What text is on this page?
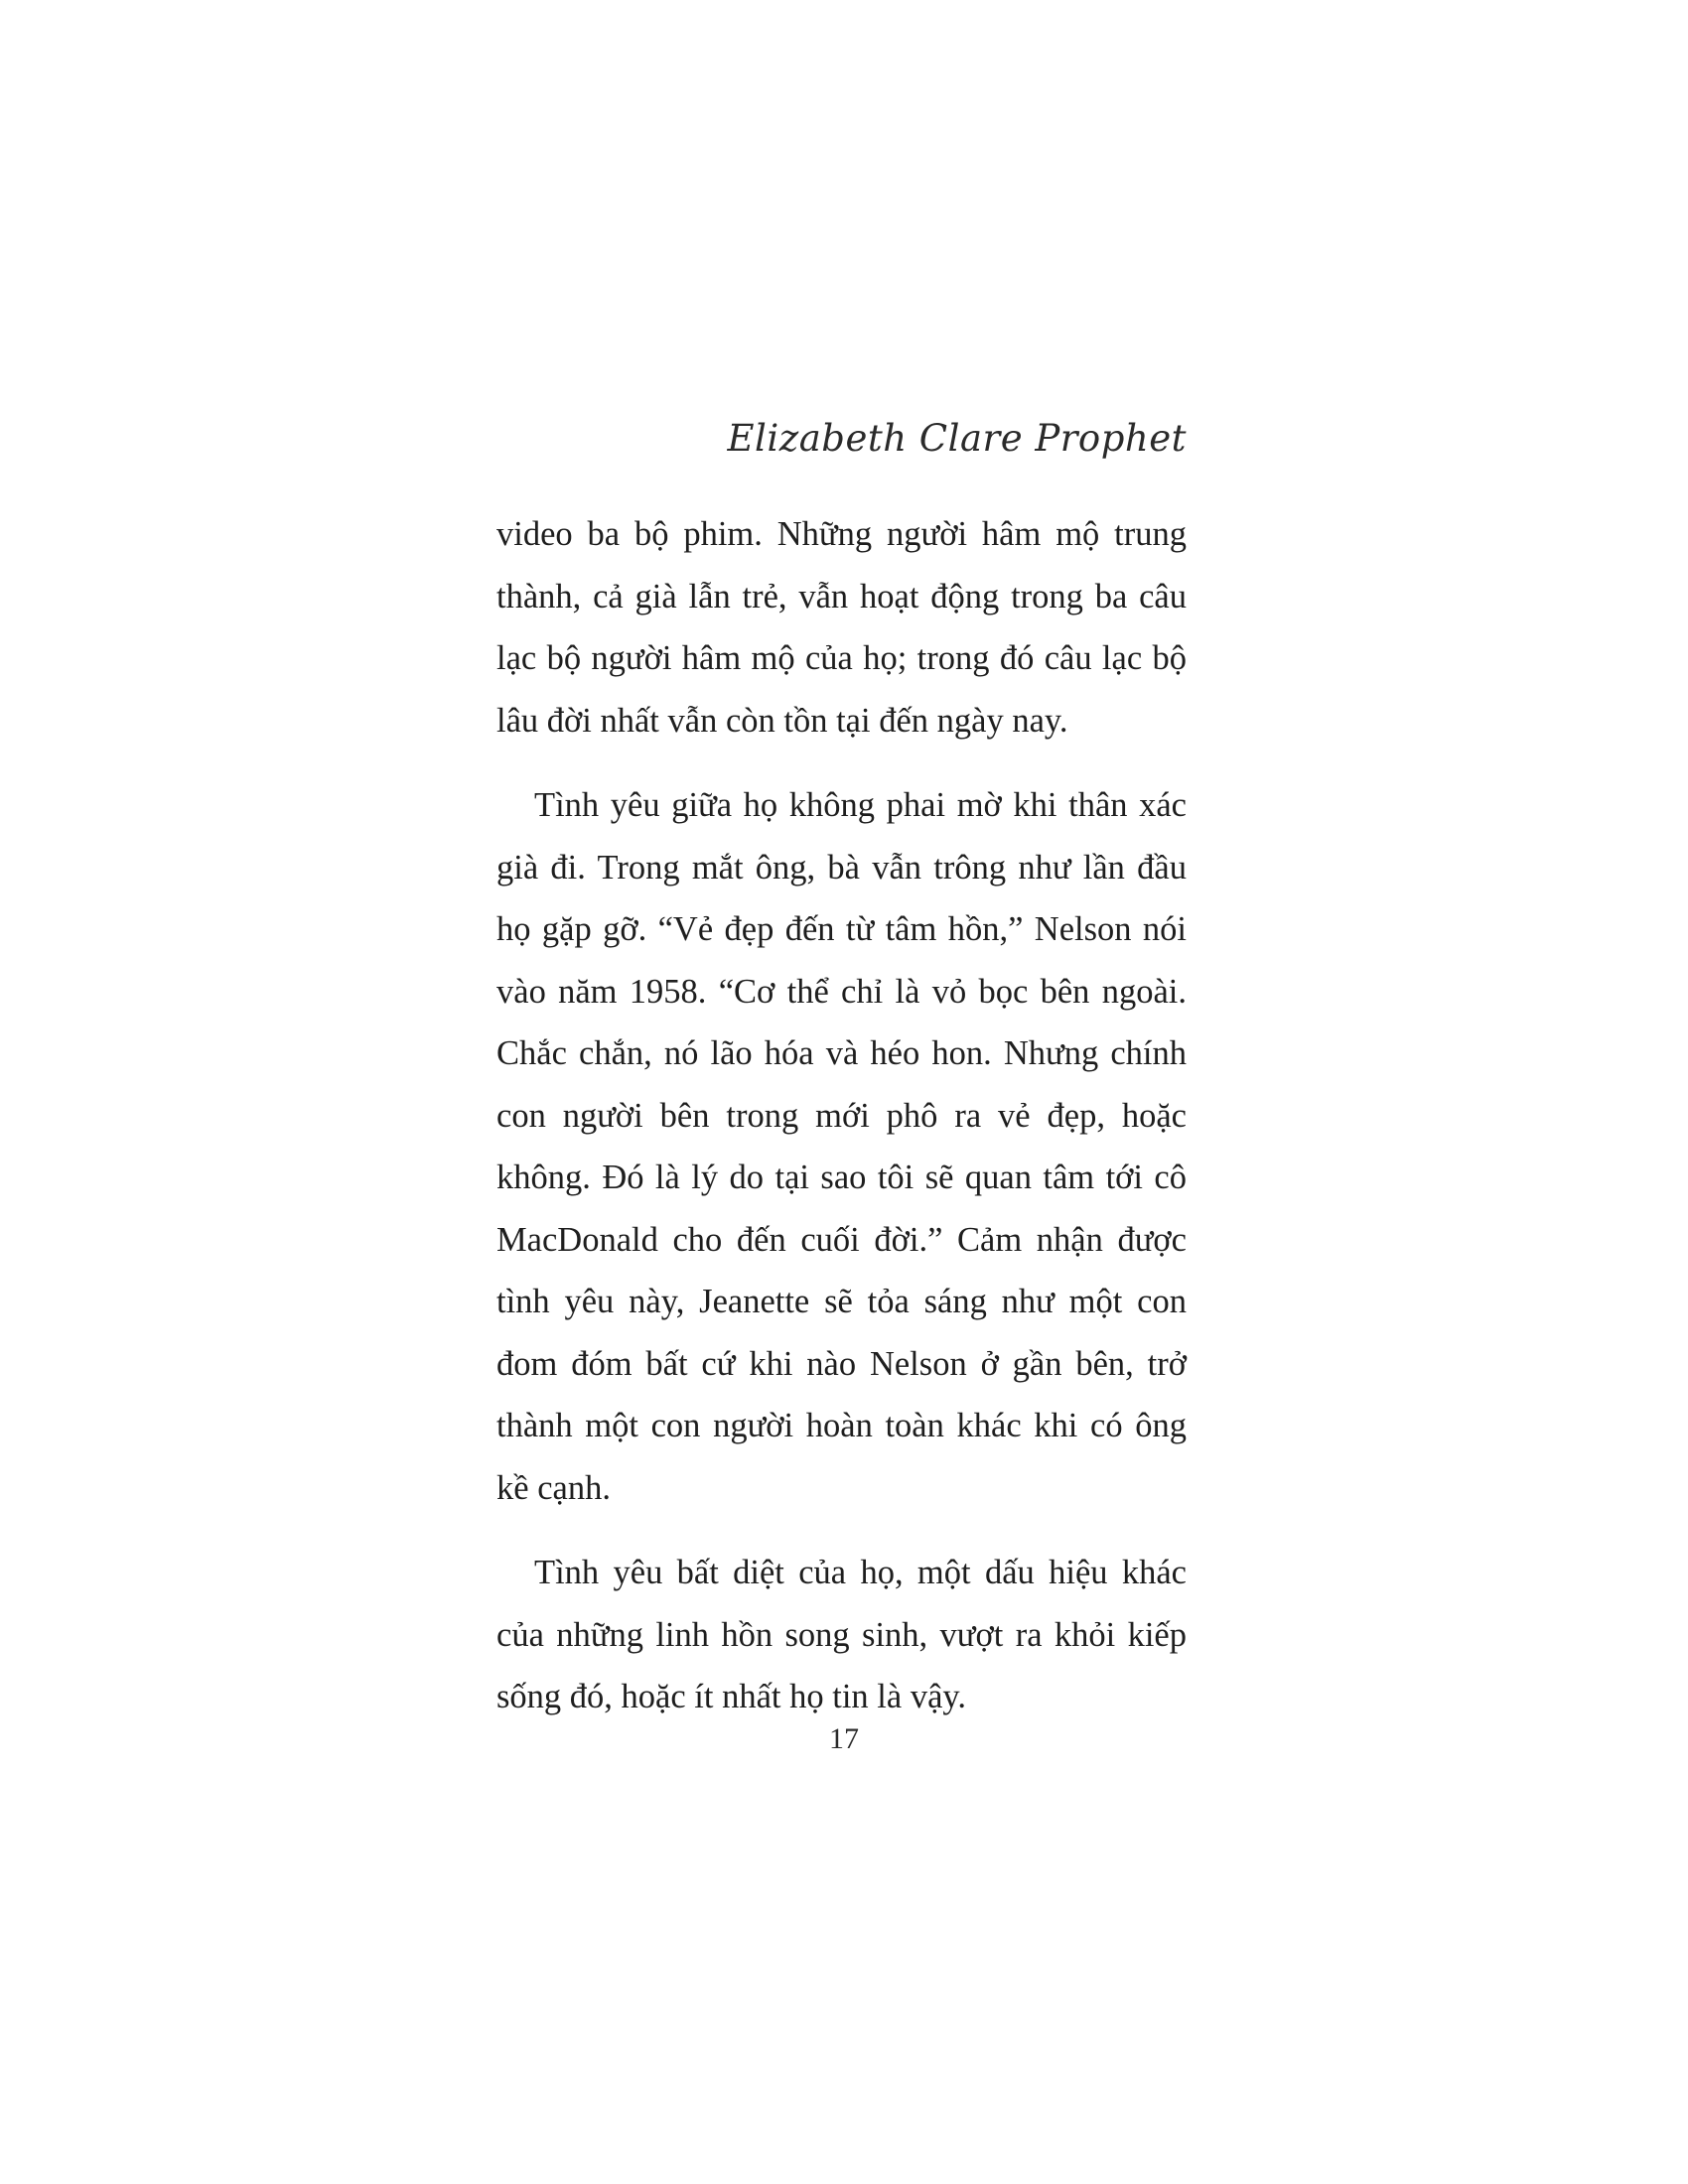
Elizabeth Clare Prophet

video ba bộ phim. Những người hâm mộ trung thành, cả già lẫn trẻ, vẫn hoạt động trong ba câu lạc bộ người hâm mộ của họ; trong đó câu lạc bộ lâu đời nhất vẫn còn tồn tại đến ngày nay.

Tình yêu giữa họ không phai mờ khi thân xác già đi. Trong mắt ông, bà vẫn trông như lần đầu họ gặp gỡ. “Vẻ đẹp đến từ tâm hồn,” Nelson nói vào năm 1958. “Cơ thể chỉ là vỏ bọc bên ngoài. Chắc chắn, nó lão hóa và héo hon. Nhưng chính con người bên trong mới phô ra vẻ đẹp, hoặc không. Đó là lý do tại sao tôi sẽ quan tâm tới cô MacDonald cho đến cuối đời.” Cảm nhận được tình yêu này, Jeanette sẽ tỏa sáng như một con đom đóm bất cứ khi nào Nelson ở gần bên, trở thành một con người hoàn toàn khác khi có ông kề cạnh.

Tình yêu bất diệt của họ, một dấu hiệu khác của những linh hồn song sinh, vượt ra khỏi kiếp sống đó, hoặc ít nhất họ tin là vậy.

17
